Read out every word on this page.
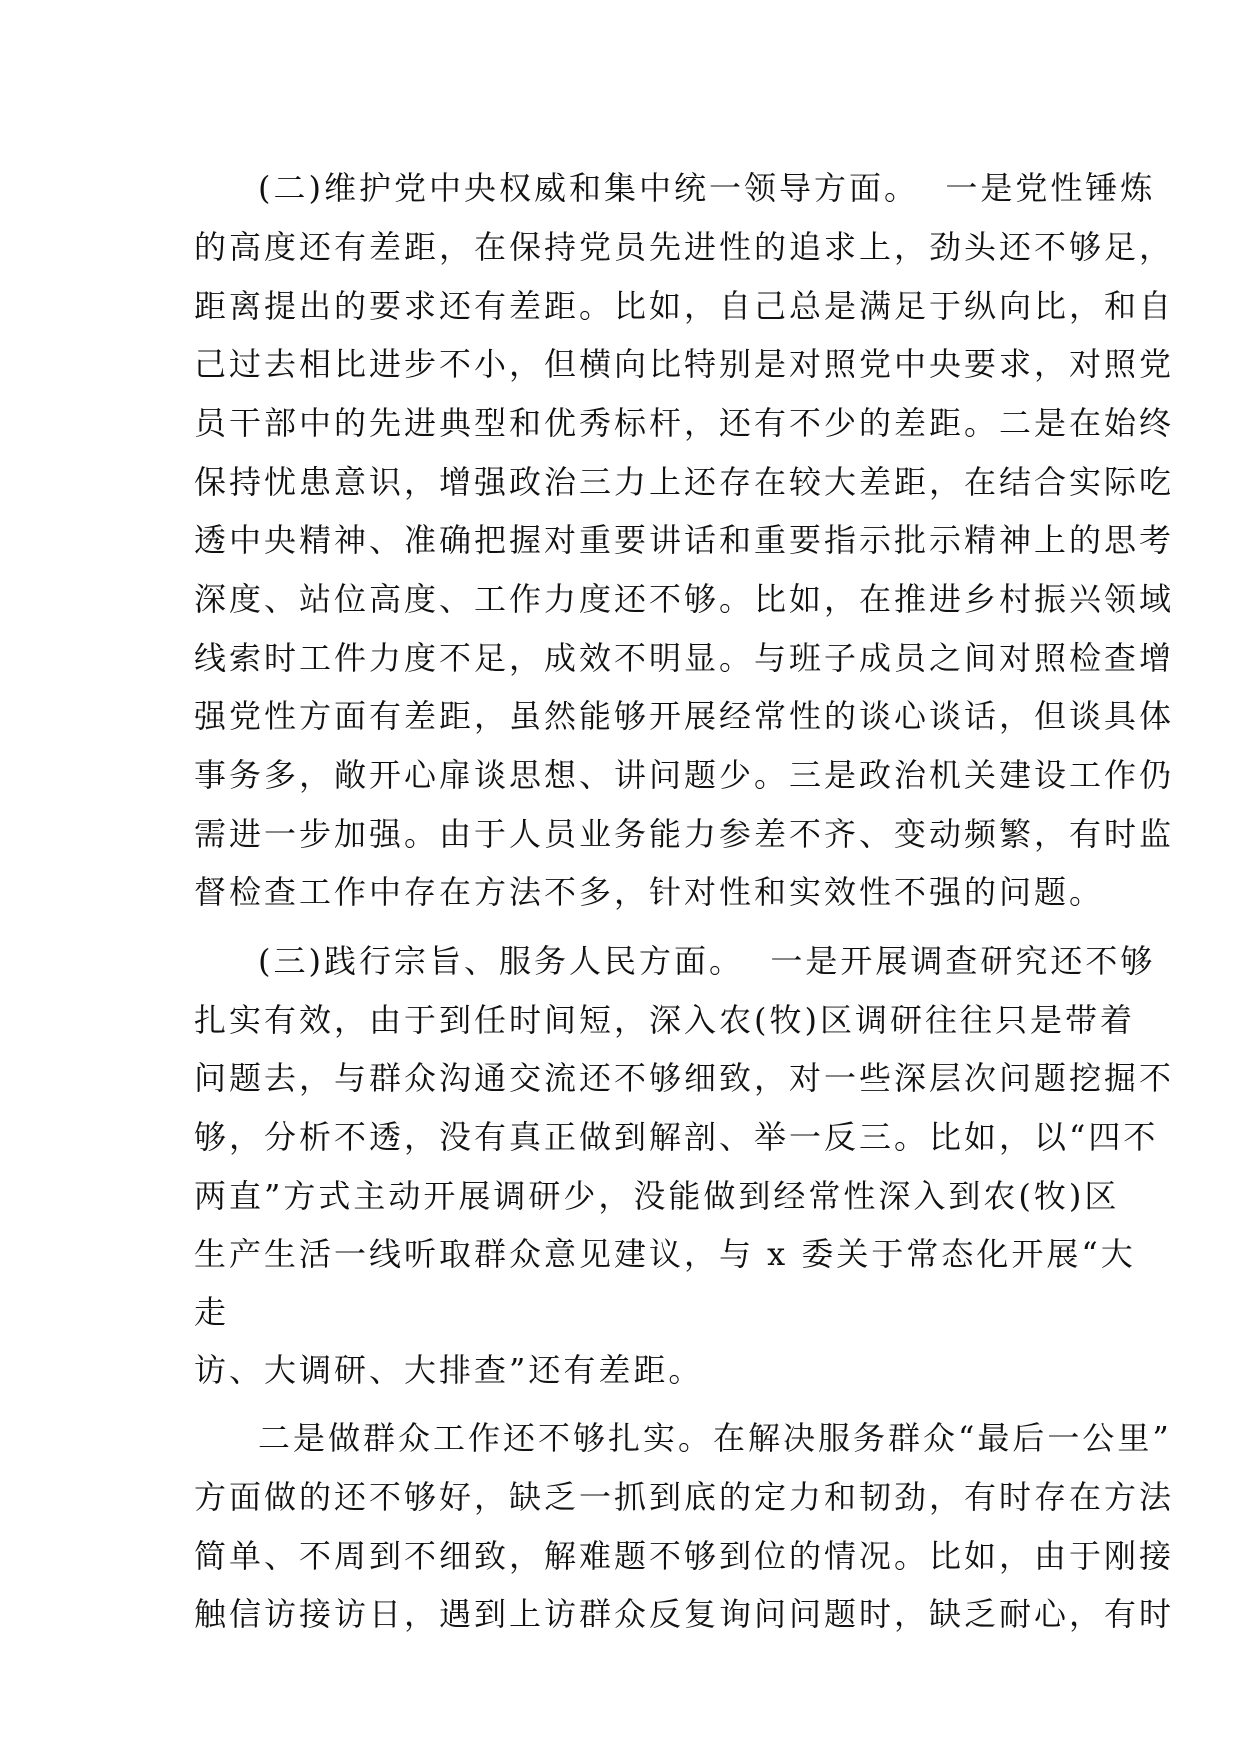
(二)维护党中央权威和集中统一领导方面。  一是党性锤炼
的高度还有差距，在保持党员先进性的追求上，劲头还不够足，
距离提出的要求还有差距。比如，自己总是满足于纵向比，和自
己过去相比进步不小，但横向比特别是对照党中央要求，对照党
员干部中的先进典型和优秀标杆，还有不少的差距。二是在始终
保持忧患意识，增强政治三力上还存在较大差距，在结合实际吃
透中央精神、准确把握对重要讲话和重要指示批示精神上的思考
深度、站位高度、工作力度还不够。比如，在推进乡村振兴领域
线索时工件力度不足，成效不明显。与班子成员之间对照检查增
强党性方面有差距，虽然能够开展经常性的谈心谈话，但谈具体
事务多，敞开心扉谈思想、讲问题少。三是政治机关建设工作仍
需进一步加强。由于人员业务能力参差不齐、变动频繁，有时监
督检查工作中存在方法不多，针对性和实效性不强的问题。
(三)践行宗旨、服务人民方面。  一是开展调查研究还不够
扎实有效，由于到任时间短，深入农(牧)区调研往往只是带着
问题去，与群众沟通交流还不够细致，对一些深层次问题挖掘不
够，分析不透，没有真正做到解剖、举一反三。比如，以“四不
两直”方式主动开展调研少，没能做到经常性深入到农(牧)区
生产生活一线听取群众意见建议，与 x 委关于常态化开展“大
走
访、大调研、大排查”还有差距。
二是做群众工作还不够扎实。在解决服务群众“最后一公里”
方面做的还不够好，缺乏一抓到底的定力和韧劲，有时存在方法
简单、不周到不细致，解难题不够到位的情况。比如，由于刚接
触信访接访日，遇到上访群众反复询问问题时，缺乏耐心，有时
